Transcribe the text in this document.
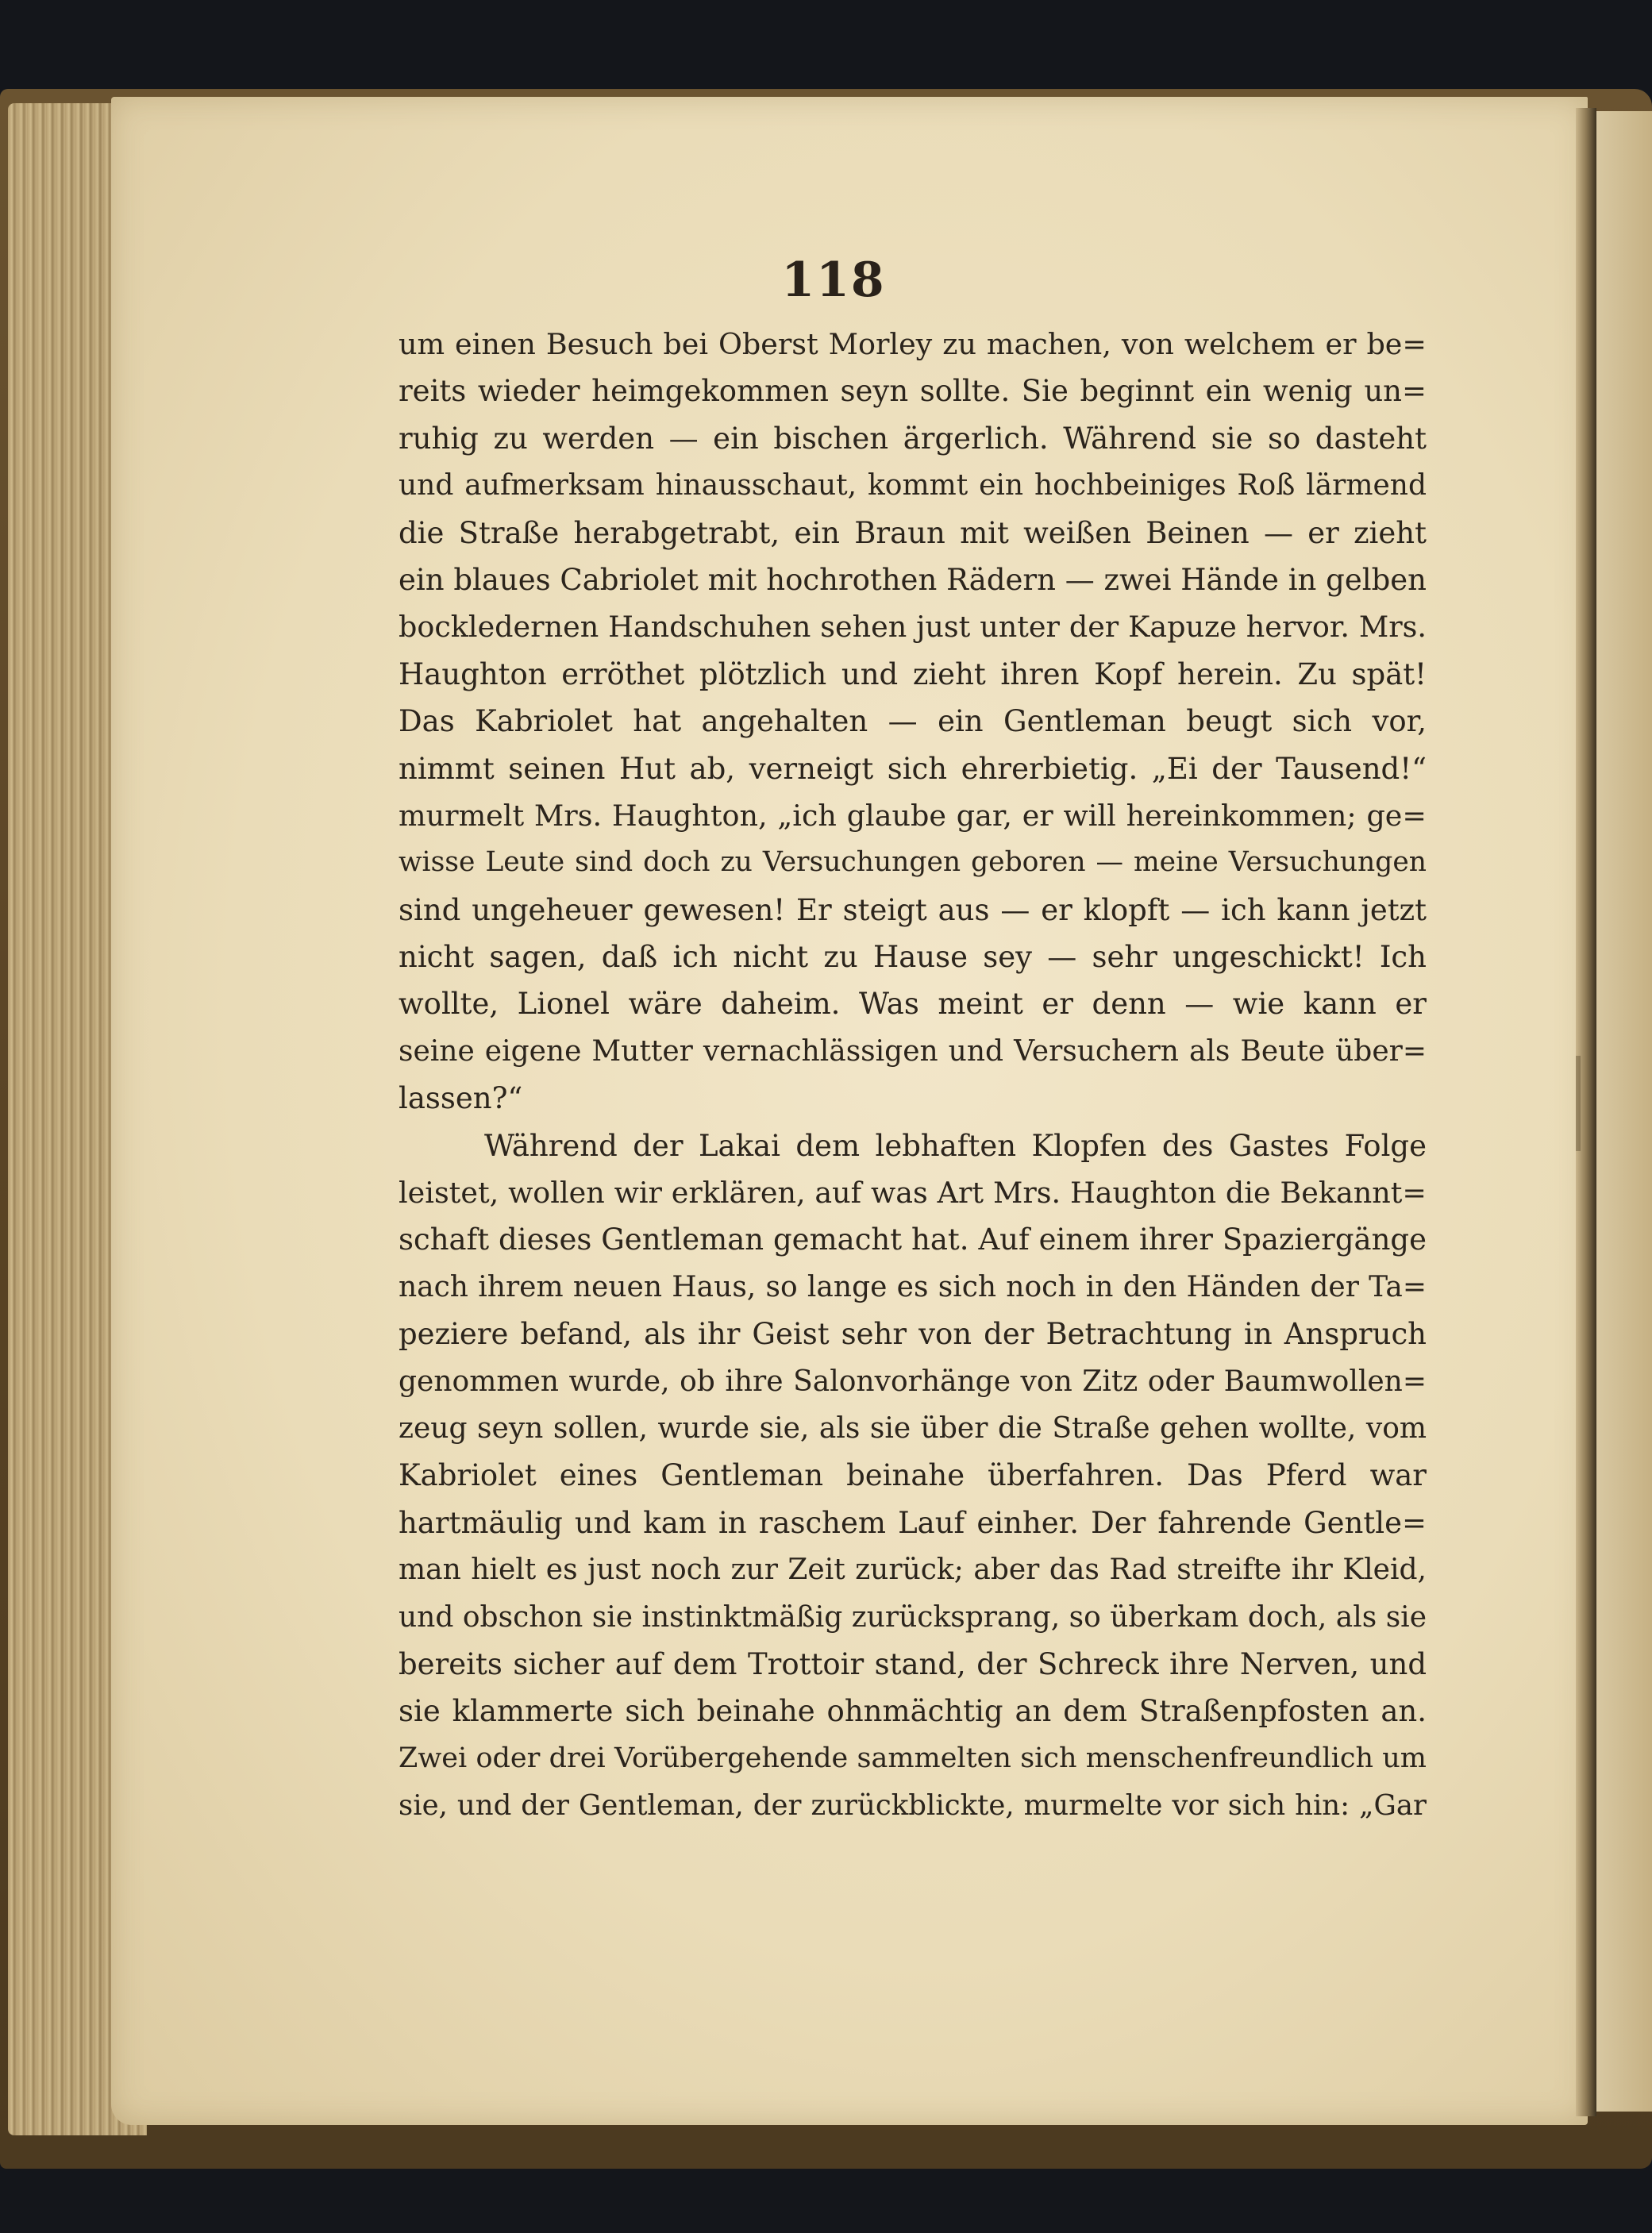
118
um einen Besuch bei Oberst Morley zu machen, von welchem er be=
reits wieder heimgekommen seyn sollte. Sie beginnt ein wenig un=
ruhig zu werden — ein bischen ärgerlich. Während sie so dasteht
und aufmerksam hinausschaut, kommt ein hochbeiniges Roß lärmend
die Straße herabgetrabt, ein Braun mit weißen Beinen — er zieht
ein blaues Cabriolet mit hochrothen Rädern — zwei Hände in gelben
bockledernen Handschuhen sehen just unter der Kapuze hervor. Mrs.
Haughton erröthet plötzlich und zieht ihren Kopf herein. Zu spät!
Das Kabriolet hat angehalten — ein Gentleman beugt sich vor,
nimmt seinen Hut ab, verneigt sich ehrerbietig. „Ei der Tausend!“
murmelt Mrs. Haughton, „ich glaube gar, er will hereinkommen; ge=
wisse Leute sind doch zu Versuchungen geboren — meine Versuchungen
sind ungeheuer gewesen! Er steigt aus — er klopft — ich kann jetzt
nicht sagen, daß ich nicht zu Hause sey — sehr ungeschickt! Ich
wollte, Lionel wäre daheim. Was meint er denn — wie kann er
seine eigene Mutter vernachlässigen und Versuchern als Beute über=
lassen?“
Während der Lakai dem lebhaften Klopfen des Gastes Folge
leistet, wollen wir erklären, auf was Art Mrs. Haughton die Bekannt=
schaft dieses Gentleman gemacht hat. Auf einem ihrer Spaziergänge
nach ihrem neuen Haus, so lange es sich noch in den Händen der Ta=
peziere befand, als ihr Geist sehr von der Betrachtung in Anspruch
genommen wurde, ob ihre Salonvorhänge von Zitz oder Baumwollen=
zeug seyn sollen, wurde sie, als sie über die Straße gehen wollte, vom
Kabriolet eines Gentleman beinahe überfahren. Das Pferd war
hartmäulig und kam in raschem Lauf einher. Der fahrende Gentle=
man hielt es just noch zur Zeit zurück; aber das Rad streifte ihr Kleid,
und obschon sie instinktmäßig zurücksprang, so überkam doch, als sie
bereits sicher auf dem Trottoir stand, der Schreck ihre Nerven, und
sie klammerte sich beinahe ohnmächtig an dem Straßenpfosten an.
Zwei oder drei Vorübergehende sammelten sich menschenfreundlich um
sie, und der Gentleman, der zurückblickte, murmelte vor sich hin: „Gar
